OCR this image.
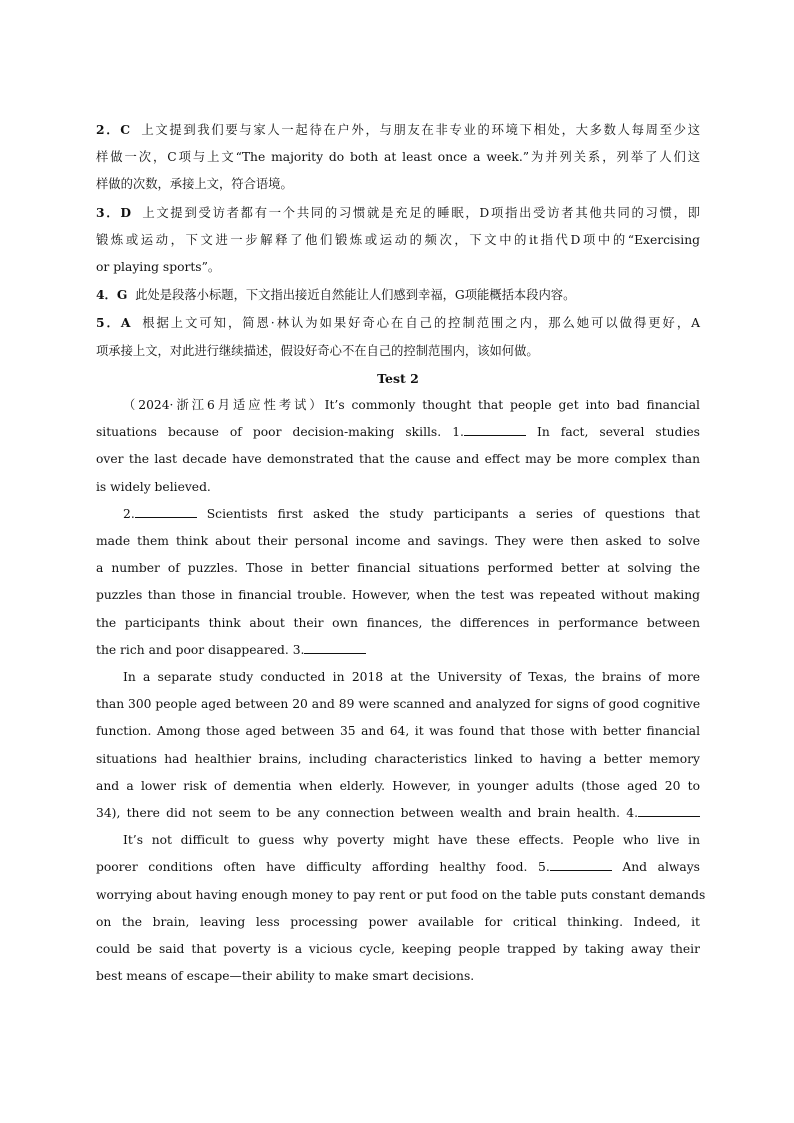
2．C 上文提到我们要与家人一起待在户外，与朋友在非专业的环境下相处，大多数人每周至少这
样做一次，C项与上文“The majority do both at least once a week.”为并列关系，列举了人们这
样做的次数，承接上文，符合语境。
3．D 上文提到受访者都有一个共同的习惯就是充足的睡眠，D项指出受访者其他共同的习惯，即
锻炼或运动，下文进一步解释了他们锻炼或运动的频次，下文中的it指代D项中的“Exercising
or playing sports”。
4．G 此处是段落小标题，下文指出接近自然能让人们感到幸福，G项能概括本段内容。
5．A 根据上文可知，简恩·林认为如果好奇心在自己的控制范围之内，那么她可以做得更好，A
项承接上文，对此进行继续描述，假设好奇心不在自己的控制范围内，该如何做。
Test 2
（2024·浙江6月适应性考试）It’s commonly thought that people get into bad financial
situations because of poor decision-making skills. 1.	In fact, several studies
over the last decade have demonstrated that the cause and effect may be more complex than
is widely believed.
2.	Scientists first asked the study participants a series of questions that
made them think about their personal income and savings. They were then asked to solve
a number of puzzles. Those in better financial situations performed better at solving the
puzzles than those in financial trouble. However, when the test was repeated without making
the participants think about their own finances, the differences in performance between
the rich and poor disappeared. 3.
In a separate study conducted in 2018 at the University of Texas, the brains of more
than 300 people aged between 20 and 89 were scanned and analyzed for signs of good cognitive
function. Among those aged between 35 and 64, it was found that those with better financial
situations had healthier brains, including characteristics linked to having a better memory
and a lower risk of dementia when elderly. However, in younger adults (those aged 20 to
34), there did not seem to be any connection between wealth and brain health. 4.
It’s not difficult to guess why poverty might have these effects. People who live in
poorer conditions often have difficulty affording healthy food. 5.	And always
worrying about having enough money to pay rent or put food on the table puts constant demands
on the brain, leaving less processing power available for critical thinking. Indeed, it
could be said that poverty is a vicious cycle, keeping people trapped by taking away their
best means of escape—their ability to make smart decisions.
